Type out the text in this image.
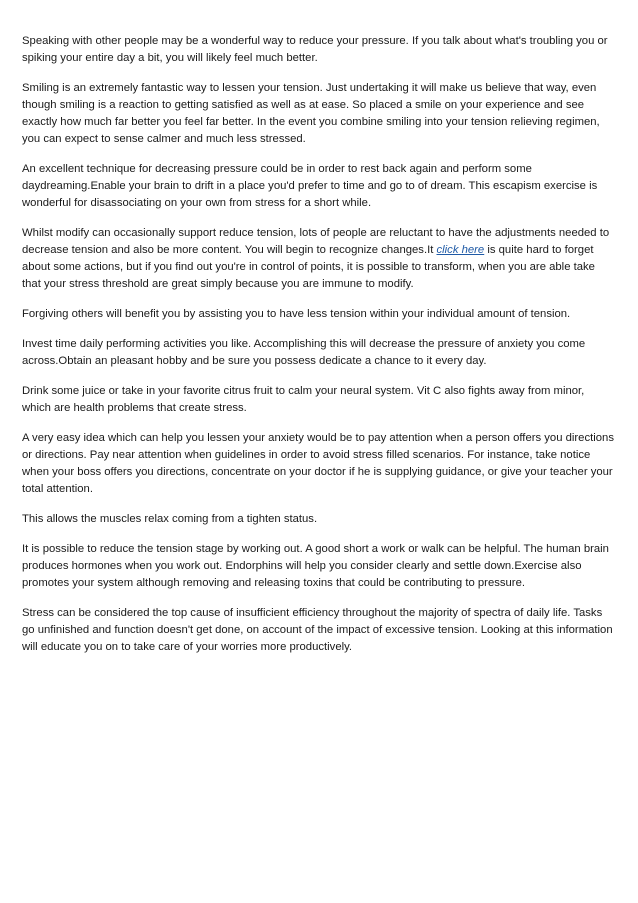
Speaking with other people may be a wonderful way to reduce your pressure. If you talk about what's troubling you or spiking your entire day a bit, you will likely feel much better.

Smiling is an extremely fantastic way to lessen your tension. Just undertaking it will make us believe that way, even though smiling is a reaction to getting satisfied as well as at ease. So placed a smile on your experience and see exactly how much far better you feel far better. In the event you combine smiling into your tension relieving regimen, you can expect to sense calmer and much less stressed.

An excellent technique for decreasing pressure could be in order to rest back again and perform some daydreaming.Enable your brain to drift in a place you'd prefer to time and go to of dream. This escapism exercise is wonderful for disassociating on your own from stress for a short while.

Whilst modify can occasionally support reduce tension, lots of people are reluctant to have the adjustments needed to decrease tension and also be more content. You will begin to recognize changes.It click here is quite hard to forget about some actions, but if you find out you're in control of points, it is possible to transform, when you are able take that your stress threshold are great simply because you are immune to modify.

Forgiving others will benefit you by assisting you to have less tension within your individual amount of tension.

Invest time daily performing activities you like. Accomplishing this will decrease the pressure of anxiety you come across.Obtain an pleasant hobby and be sure you possess dedicate a chance to it every day.

Drink some juice or take in your favorite citrus fruit to calm your neural system. Vit C also fights away from minor, which are health problems that create stress.

A very easy idea which can help you lessen your anxiety would be to pay attention when a person offers you directions or directions. Pay near attention when guidelines in order to avoid stress filled scenarios. For instance, take notice when your boss offers you directions, concentrate on your doctor if he is supplying guidance, or give your teacher your total attention.

This allows the muscles relax coming from a tighten status.

It is possible to reduce the tension stage by working out. A good short a work or walk can be helpful. The human brain produces hormones when you work out. Endorphins will help you consider clearly and settle down.Exercise also promotes your system although removing and releasing toxins that could be contributing to pressure.

Stress can be considered the top cause of insufficient efficiency throughout the majority of spectra of daily life. Tasks go unfinished and function doesn't get done, on account of the impact of excessive tension. Looking at this information will educate you on to take care of your worries more productively.
